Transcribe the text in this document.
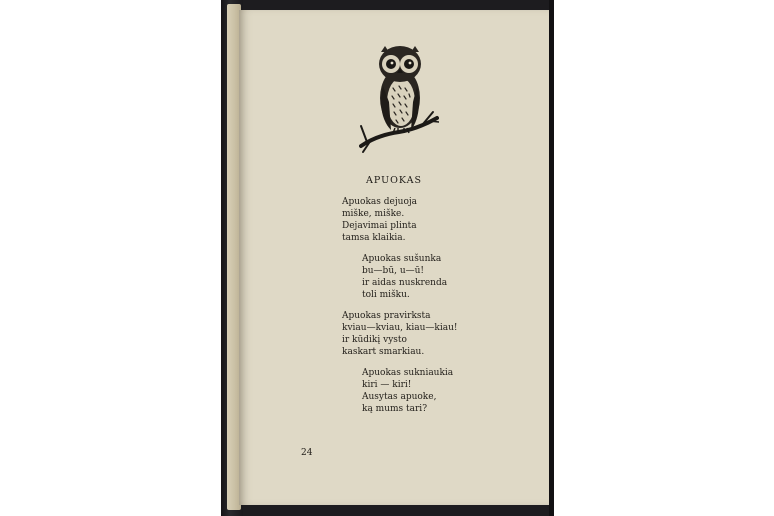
APUOKAS
Apuokas dejuoja
miške, miške.
Dejavimai plinta
tamsa klaikia.
Apuokas sušunka
bu—bū, u—ū!
ir aidas nuskrenda
toli mišku.
Apuokas pravirksta
kviau—kviau, kiau—kiau!
ir kūdikį vysto
kaskart smarkiau.
Apuokas sukniaukia
kiri — kiri!
Ausytas apuoke,
ką mums tari?
24
